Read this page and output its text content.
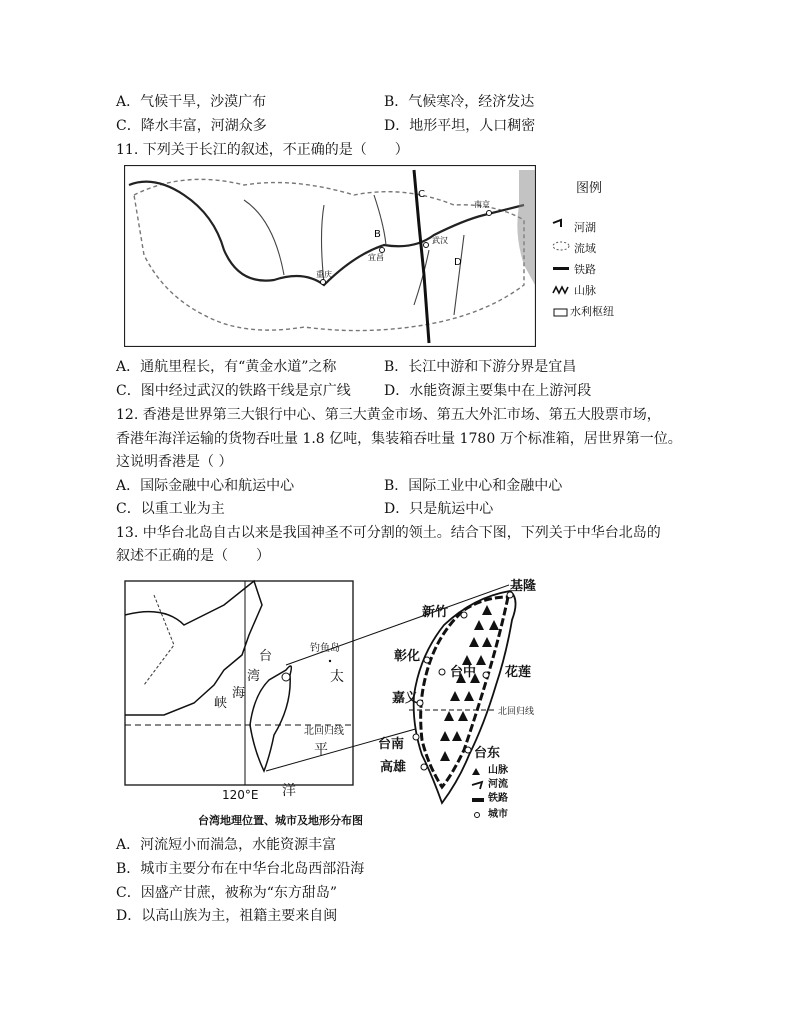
A．气候干旱，沙漠广布	B．气候寒冷，经济发达
C．降水丰富，河湖众多	D．地形平坦，人口稠密
11. 下列关于长江的叙述，不正确的是（　　）
B
C
D
重庆
宜昌
武汉
南京
图例
河湖
流域
铁路
山脉
水利枢纽
A．通航里程长，有“黄金水道”之称	B．长江中游和下游分界是宜昌
C．图中经过武汉的铁路干线是京广线 D．水能资源主要集中在上游河段
12. 香港是世界第三大银行中心、第三大黄金市场、第五大外汇市场、第五大股票市场，
香港年海洋运输的货物吞吐量 1.8 亿吨，集装箱吞吐量 1780 万个标准箱，居世界第一位。
这说明香港是（ ）
A．国际金融中心和航运中心	B．国际工业中心和金融中心
C．以重工业为主	D．只是航运中心
13. 中华台北岛自古以来是我国神圣不可分割的领土。结合下图，下列关于中华台北岛的
叙述不正确的是（　　）
台
湾
海
峡
钓鱼岛
太
平
洋
北回归线
北回归线
120°E
基隆
新竹
彰化
台中 花莲
嘉义
台南
高雄
台东
山脉
河流
铁路
城市
台湾地理位置、城市及地形分布图
A．河流短小而湍急，水能资源丰富
B．城市主要分布在中华台北岛西部沿海
C．因盛产甘蔗，被称为“东方甜岛”
D．以高山族为主，祖籍主要来自闽
